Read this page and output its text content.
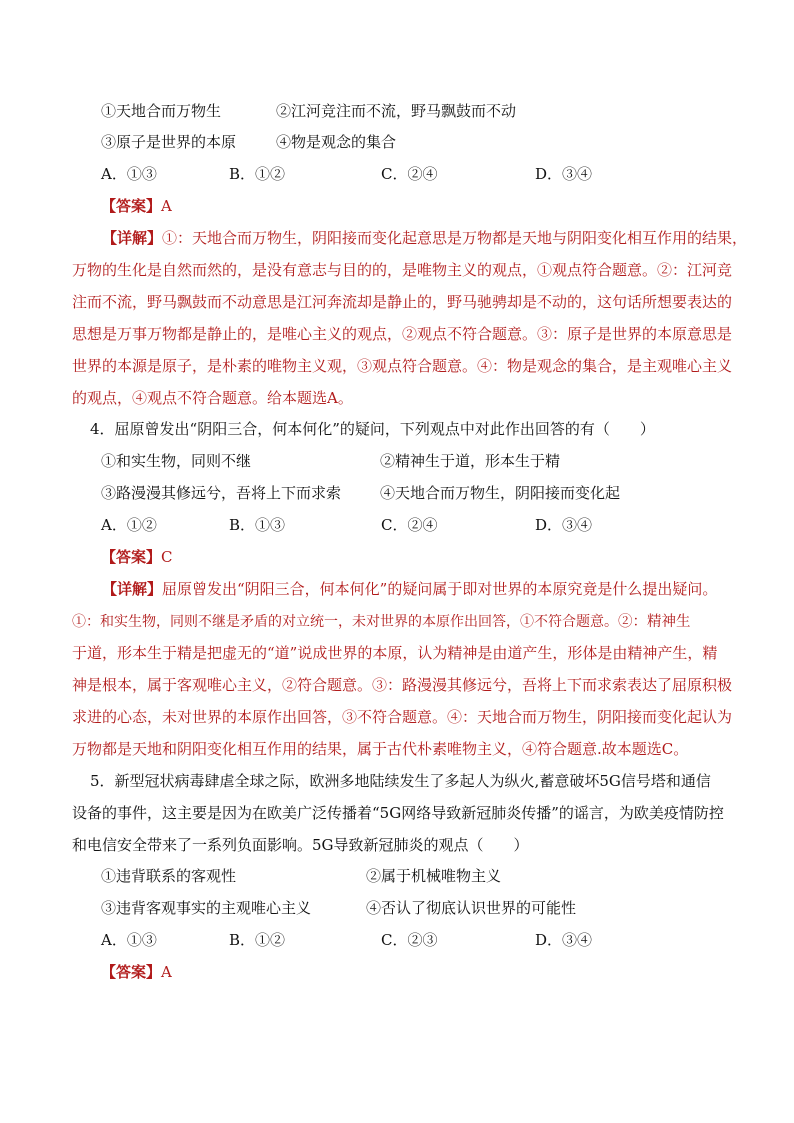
①天地合而万物生	②江河竞注而不流，野马飘鼓而不动
③原子是世界的本原	④物是观念的集合
A．①③	B．①②	C．②④	D．③④
【答案】A
【详解】①：天地合而万物生，阴阳接而变化起意思是万物都是天地与阴阳变化相互作用的结果，
万物的生化是自然而然的，是没有意志与目的的，是唯物主义的观点，①观点符合题意。②：江河竞
注而不流，野马飘鼓而不动意思是江河奔流却是静止的，野马驰骋却是不动的，这句话所想要表达的
思想是万事万物都是静止的，是唯心主义的观点，②观点不符合题意。③：原子是世界的本原意思是
世界的本源是原子，是朴素的唯物主义观，③观点符合题意。④：物是观念的集合，是主观唯心主义
的观点，④观点不符合题意。给本题选A。
4．屈原曾发出“阴阳三合，何本何化”的疑问，下列观点中对此作出回答的有（　　）
①和实生物，同则不继	②精神生于道，形本生于精
③路漫漫其修远兮，吾将上下而求索	④天地合而万物生，阴阳接而变化起
A．①②	B．①③	C．②④	D．③④
【答案】C
【详解】屈原曾发出“阴阳三合，何本何化”的疑问属于即对世界的本原究竟是什么提出疑问。
①：和实生物，同则不继是矛盾的对立统一，未对世界的本原作出回答，①不符合题意。②：精神生
于道，形本生于精是把虚无的“道”说成世界的本原，认为精神是由道产生，形体是由精神产生，精
神是根本，属于客观唯心主义，②符合题意。③：路漫漫其修远兮，吾将上下而求索表达了屈原积极
求进的心态，未对世界的本原作出回答，③不符合题意。④：天地合而万物生，阴阳接而变化起认为
万物都是天地和阴阳变化相互作用的结果，属于古代朴素唯物主义，④符合题意.故本题选C。
5．新型冠状病毒肆虐全球之际，欧洲多地陆续发生了多起人为纵火,蓄意破坏5G信号塔和通信
设备的事件，这主要是因为在欧美广泛传播着“5G网络导致新冠肺炎传播”的谣言，为欧美疫情防控
和电信安全带来了一系列负面影响。5G导致新冠肺炎的观点（　　）
①违背联系的客观性	②属于机械唯物主义
③违背客观事实的主观唯心主义	④否认了彻底认识世界的可能性
A．①③	B．①②	C．②③	D．③④
【答案】A
